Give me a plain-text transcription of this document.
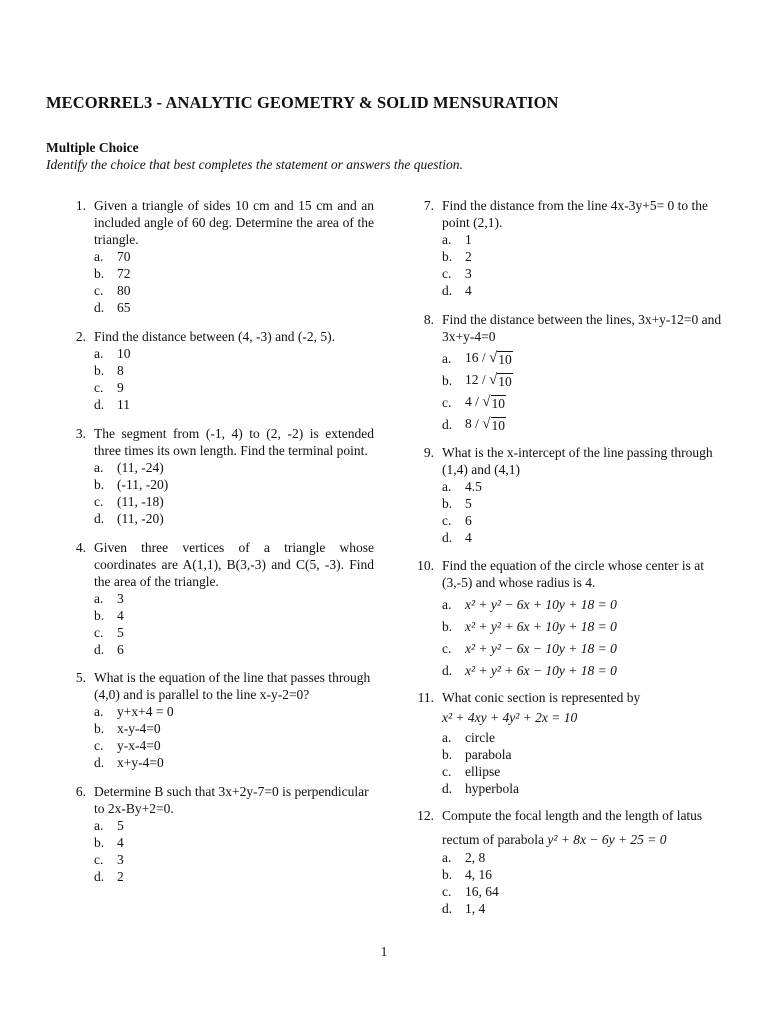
MECORREL3 - ANALYTIC GEOMETRY & SOLID MENSURATION
Multiple Choice
Identify the choice that best completes the statement or answers the question.
1. Given a triangle of sides 10 cm and 15 cm and an included angle of 60 deg. Determine the area of the triangle.
a.	70
b. 72
c.	80
d. 65
2. Find the distance between (4, -3) and (-2, 5).
a.	10
b. 8
c.	9
d. 11
3. The segment from (-1, 4) to (2, -2) is extended three times its own length. Find the terminal point.
a.	(11, -24)
b. (-11, -20)
c.	(11, -18)
d. (11, -20)
4. Given three vertices of a triangle whose coordinates are A(1,1), B(3,-3) and C(5, -3). Find the area of the triangle.
a.	3
b. 4
c.	5
d. 6
5. What is the equation of the line that passes through (4,0) and is parallel to the line x-y-2=0?
a.	y+x+4 = 0
b. x-y-4=0
c.	y-x-4=0
d. x+y-4=0
6. Determine B such that 3x+2y-7=0 is perpendicular to 2x-By+2=0.
a.	5
b. 4
c.	3
d. 2
7. Find the distance from the line 4x-3y+5= 0 to the point (2,1).
a.	1
b. 2
c.	3
d. 4
8. Find the distance between the lines, 3x+y-12=0 and 3x+y-4=0
a.	16 / √ 10
b. 12 / √ 10
c.	4 / √ 10
d. 8 / √ 10
9. What is the x-intercept of the line passing through (1,4) and (4,1)
a.	4.5
b. 5
c.	6
d. 4
10. Find the equation of the circle whose center is at (3,-5) and whose radius is 4.
a.	x² + y² − 6x + 10y + 18 = 0
b. x² + y² + 6x + 10y + 18 = 0
c.	x² + y² − 6x − 10y + 18 = 0
d. x² + y² + 6x − 10y + 18 = 0
11. What conic section is represented by
x² + 4xy + 4y² + 2x = 10
a.	circle
b. parabola
c.	ellipse
d. hyperbola
12. Compute the focal length and the length of latus
rectum of parabola
y² + 8x − 6y + 25 = 0
a.	2, 8
b. 4, 16
c.	16, 64
d. 1, 4
1
